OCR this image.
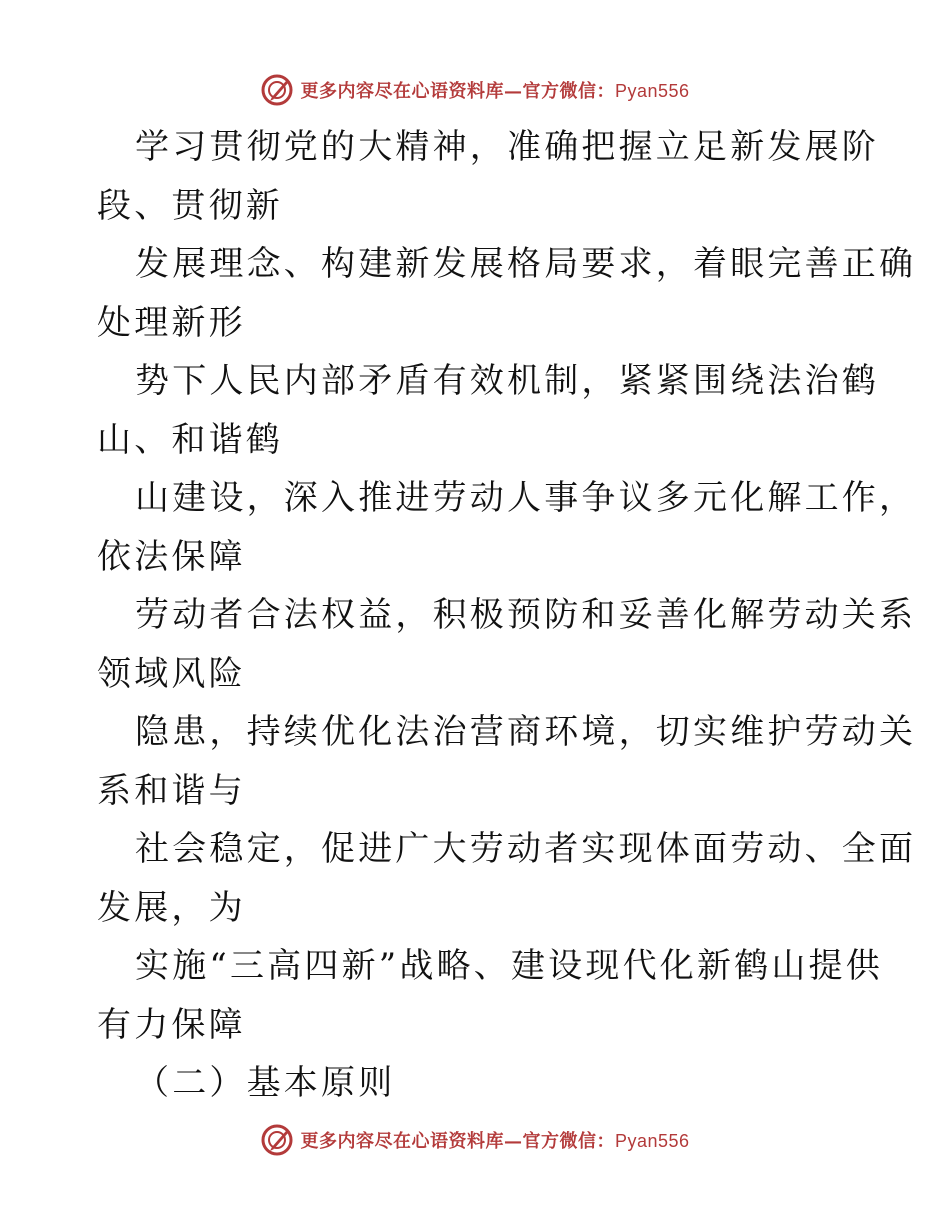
更多内容尽在心语资料库—官方微信：Pyan556
学习贯彻党的大精神，准确把握立足新发展阶
段、贯彻新
发展理念、构建新发展格局要求，着眼完善正确
处理新形
势下人民内部矛盾有效机制，紧紧围绕法治鹤
山、和谐鹤
山建设，深入推进劳动人事争议多元化解工作，
依法保障
劳动者合法权益，积极预防和妥善化解劳动关系
领域风险
隐患，持续优化法治营商环境，切实维护劳动关
系和谐与
社会稳定，促进广大劳动者实现体面劳动、全面
发展，为
实施“三高四新”战略、建设现代化新鹤山提供
有力保障
（二）基本原则
更多内容尽在心语资料库—官方微信：Pyan556
